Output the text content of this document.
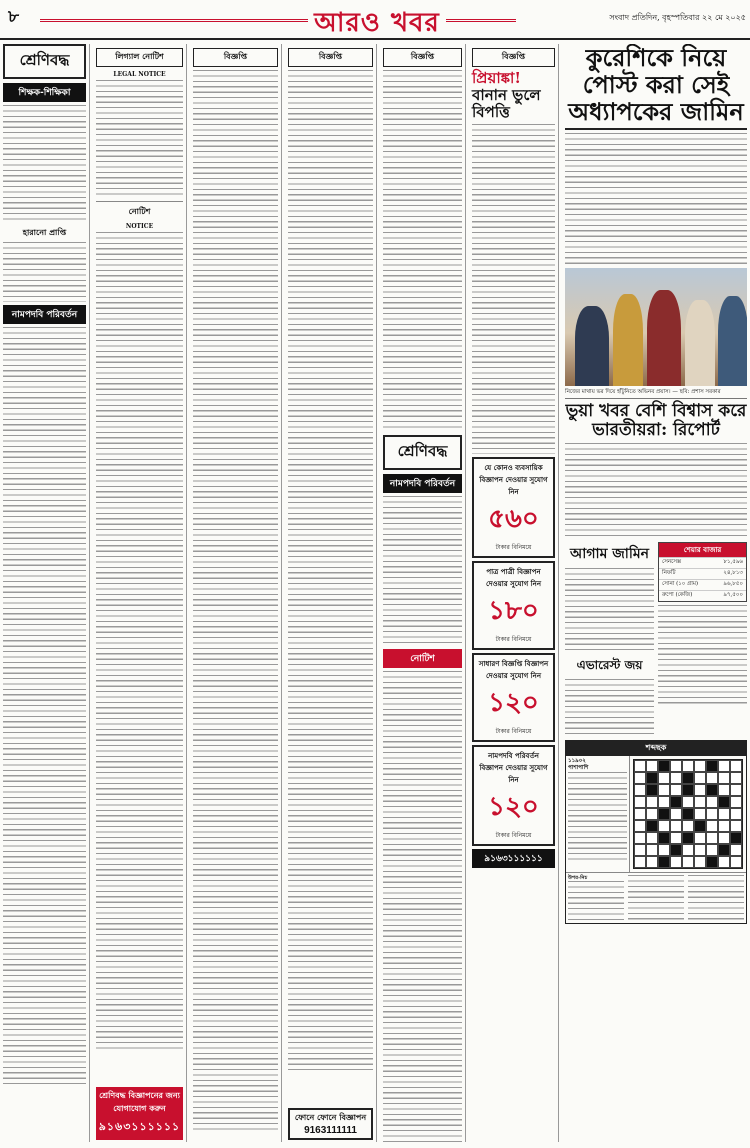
৮	আরও খবর	সংবাদ প্রতিদিন, বৃহস্পতিবার ২২ মে ২০২৫
শ্রেণিবদ্ধ
শিক্ষক-শিক্ষিকা
হারানো প্রাপ্তি
নামপদবি পরিবর্তন
লিগ্যাল নোটিশ
LEGAL NOTICE
নোটিশ
NOTICE
শ্রেণিবদ্ধ বিজ্ঞাপনের জন্য যোগাযোগ করুন
৯১৬৩১১১১১১
বিজ্ঞপ্তি	বিজ্ঞপ্তি
ফোনে ফোনে বিজ্ঞাপন
9163111111
বিজ্ঞপ্তি
শ্রেণিবদ্ধ
নামপদবি পরিবর্তন
নোটিশ
বিজ্ঞপ্তি
প্রিয়াঙ্কা! বানান ভুলে বিপত্তি
যে কোনও ব্যবসায়িক বিজ্ঞাপন দেওয়ার সুযোগ নিন
৫৬০
টাকার বিনিময়ে
পাত্র পাত্রী বিজ্ঞাপন দেওয়ার সুযোগ নিন
১৮০
টাকার বিনিময়ে
সাধারণ বিজ্ঞপ্তি বিজ্ঞাপন দেওয়ার সুযোগ নিন
১২০
টাকার বিনিময়ে
নামপদবি পরিবর্তন বিজ্ঞাপন দেওয়ার সুযোগ নিন
১২০
টাকার বিনিময়ে
৯১৬৩১১১১১১
কুরেশিকে নিয়ে পোস্ট করা সেই অধ্যাপকের জামিন
নিজের মাথায় ভর দিয়ে হাঁটুনিতে অভিনব প্রয়াস। — ছবি: প্রশাস সরকার
ভুয়া খবর বেশি বিশ্বাস করে ভারতীয়রা: রিপোর্ট
আগাম জামিন
এভারেস্ট জয়
শেয়ার বাজার
সেনসেক্স	৮১,৫৯৬
নিফটি	২৪,৮১৩
সোনা (১০ গ্রাম)	৯৬,৮৫০
রুপো (কেজি)	৯৭,৫০০
শব্দছক
১১৯০২
পাশাপাশি
উপর-নিচ
